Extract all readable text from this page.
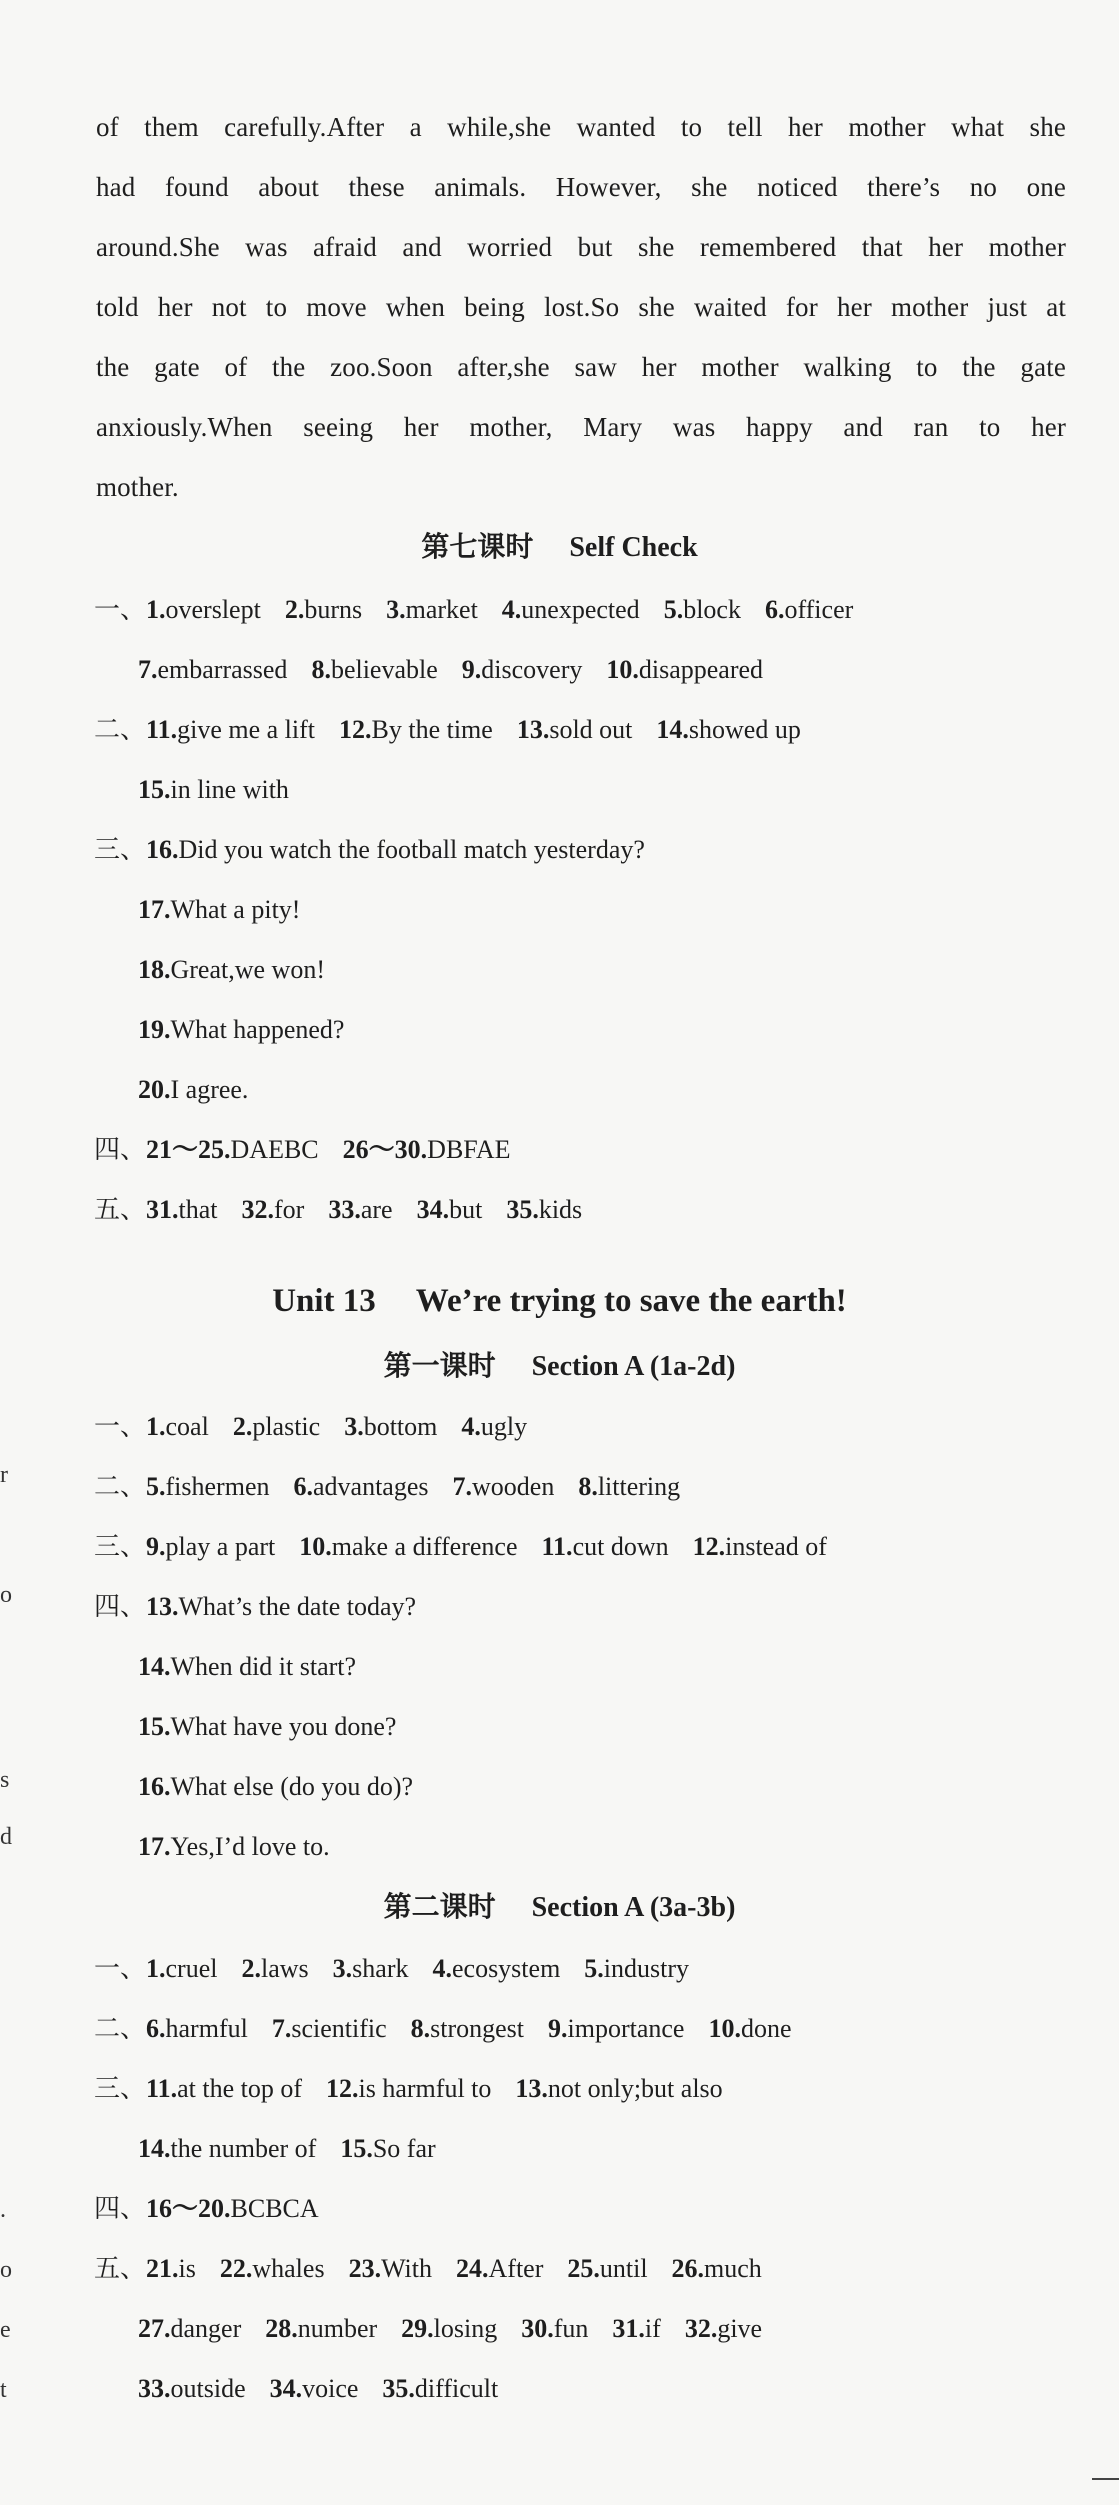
of them carefully.After a while,she wanted to tell her mother what she
had found about these animals. However, she noticed there’s no one
around.She was afraid and worried but she remembered that her mother
told her not to move when being lost.So she waited for her mother just at
the gate of the zoo.Soon after,she saw her mother walking to the gate
anxiously.When seeing her mother, Mary was happy and ran to her
mother.
第七课时 Self Check
一、1.overslept 2.burns 3.market 4.unexpected 5.block 6.officer
7.embarrassed 8.believable 9.discovery 10.disappeared
二、11.give me a lift 12.By the time 13.sold out 14.showed up
15.in line with
三、16.Did you watch the football match yesterday?
17.What a pity!
18.Great,we won!
19.What happened?
20.I agree.
四、21～25.DAEBC 26～30.DBFAE
五、31.that 32.for 33.are 34.but 35.kids
Unit 13 We’re trying to save the earth!
第一课时 Section A (1a-2d)
一、1.coal 2.plastic 3.bottom 4.ugly
二、5.fishermen 6.advantages 7.wooden 8.littering
三、9.play a part 10.make a difference 11.cut down 12.instead of
四、13.What’s the date today?
14.When did it start?
15.What have you done?
16.What else (do you do)?
17.Yes,I’d love to.
第二课时 Section A (3a-3b)
一、1.cruel 2.laws 3.shark 4.ecosystem 5.industry
二、6.harmful 7.scientific 8.strongest 9.importance 10.done
三、11.at the top of 12.is harmful to 13.not only;but also
14.the number of 15.So far
四、16～20.BCBCA
五、21.is 22.whales 23.With 24.After 25.until 26.much
27.danger 28.number 29.losing 30.fun 31.if 32.give
33.outside 34.voice 35.difficult
r
o
s
d
.
o
e
t
